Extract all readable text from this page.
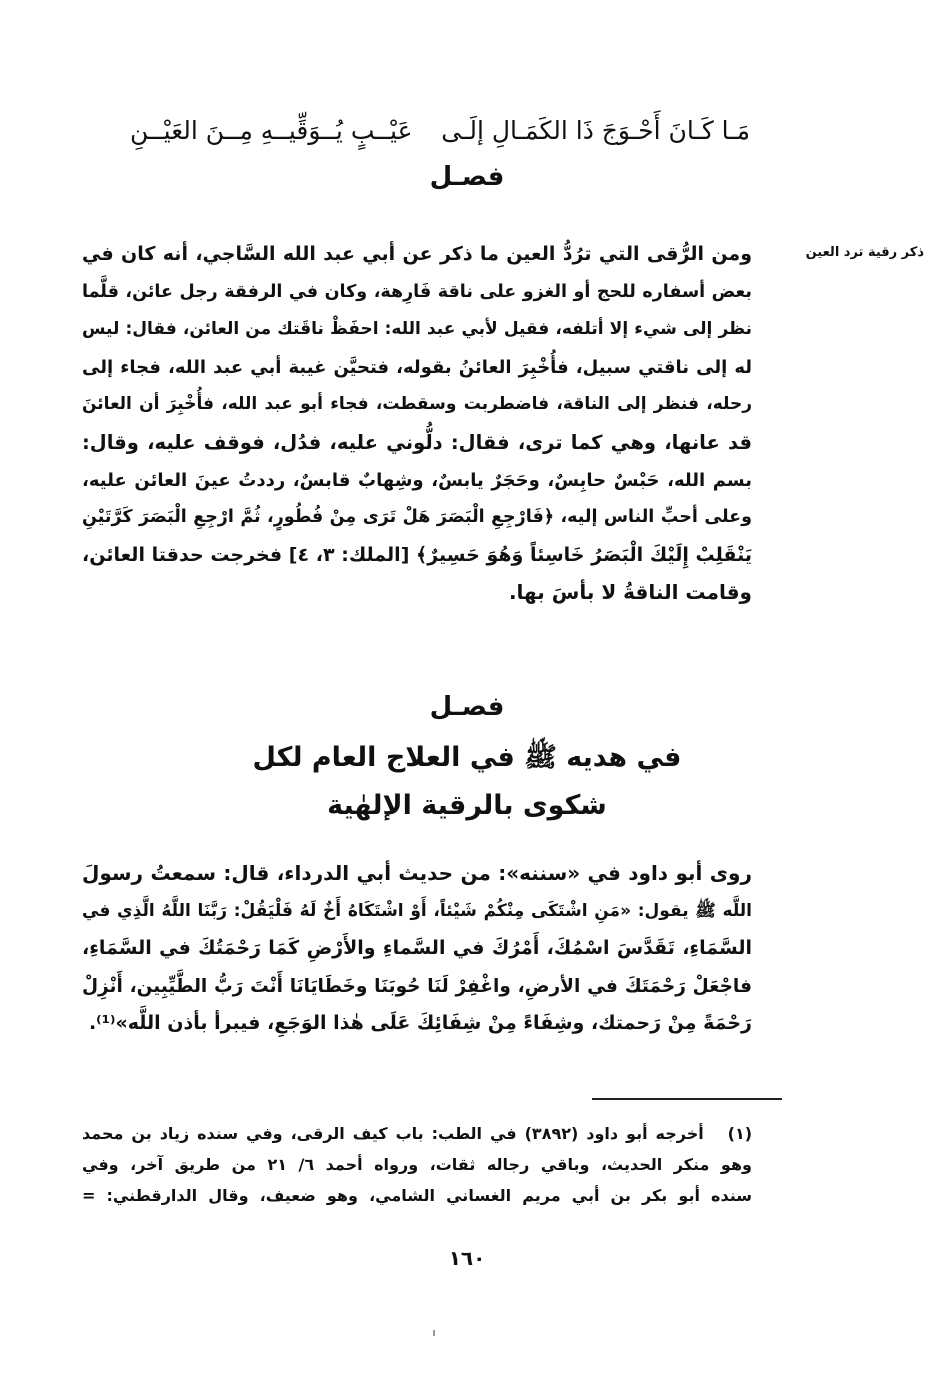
مَـا كَـانَ أَحْـوَجَ ذَا الكَمَـالِ إلَـى
عَيْــبٍ يُــوَقِّيــهِ مِــنَ العَيْــنِ
فصـل
ذكر رقية ترد العين
ومن الرُّقى التي ترُدُّ العين ما ذكر عن أبي عبد الله السَّاجي، أنه كان في
بعض أسفاره للحج أو الغزو على ناقة فَارِهة، وكان في الرفقة رجل عائن، قلَّما
نظر إلى شيء إلا أتلفه، فقيل لأبي عبد الله: احفَظْ ناقَتك من العائن، فقال: ليس
له إلى ناقتي سبيل، فأُخْبِرَ العائنُ بقوله، فتحيَّن غيبة أبي عبد الله، فجاء إلى
رحله، فنظر إلى الناقة، فاضطربت وسقطت، فجاء أبو عبد الله، فأُخْبِرَ أن العائنَ
قد عانها، وهي كما ترى، فقال: دلُّوني عليه، فدُل، فوقف عليه، وقال:
بسم الله، حَبْسٌ حابِسٌ، وحَجَرٌ يابسٌ، وشِهابٌ قابسٌ، رددتُ عينَ العائن عليه،
وعلى أحبِّ الناس إليه، ﴿فَارْجِعِ الْبَصَرَ هَلْ تَرَى مِنْ فُطُورٍ، ثُمَّ ارْجِعِ الْبَصَرَ كَرَّتَيْنِ
يَنْقَلِبْ إِلَيْكَ الْبَصَرُ خَاسِئاً وَهُوَ حَسِيرٌ﴾ [الملك: ٣، ٤] فخرجت حدقتا العائن،
وقامت الناقةُ لا بأسَ بها.
فصـل
في هديه ﷺ في العلاج العام لكل
شكوى بالرقية الإلهٰية
روى أبو داود في «سننه»: من حديث أبي الدرداء، قال: سمعتُ رسولَ
اللَّه ﷺ يقول: «مَنِ اشْتَكَى مِنْكُمْ شَيْئاً، أَوْ اشْتَكَاهُ أَخٌ لَهُ فَلْيَقُلْ: رَبَّنَا اللَّهُ الَّذِي في
السَّمَاءِ، تَقَدَّسَ اسْمُكَ، أَمْرُكَ في السَّماءِ والأَرْضِ كَمَا رَحْمَتُكَ في السَّمَاءِ،
فاجْعَلْ رَحْمَتَكَ في الأرضِ، واغْفِرْ لَنَا حُوبَنَا وخَطَايَانَا أَنْتَ رَبُّ الطَّيِّبِين، أَنْزِلْ
رَحْمَةً مِنْ رَحمتك، وشِفَاءً مِنْ شِفَائِكَ عَلَى هٰذا الوَجَعِ، فيبرأ بأذن اللَّه»⁽¹⁾.
(١)   أخرجه أبو داود (٣٨٩٢) في الطب: باب كيف الرقى، وفي سنده زياد بن محمد
وهو منكر الحديث، وباقي رجاله ثقات، ورواه أحمد ٦/ ٢١ من طريق آخر، وفي
سنده أبو بكر بن أبي مريم الغساني الشامي، وهو ضعيف، وقال الدارقطني: =
١٦٠
